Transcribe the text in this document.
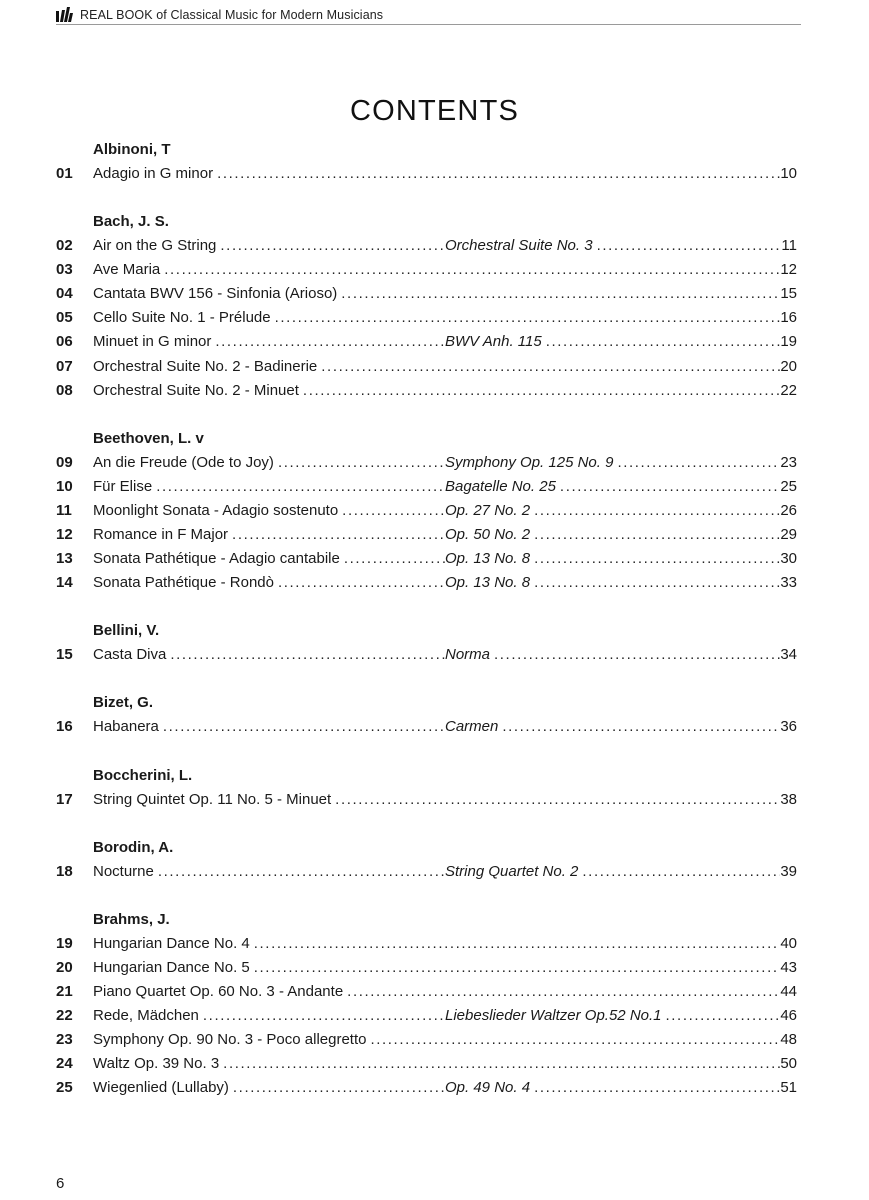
REAL BOOK of Classical Music for Modern Musicians
CONTENTS
Albinoni, T
01	Adagio in G minor .....	10
Bach, J. S.
02	Air on the G String .....	Orchestral Suite No. 3 .....	11
03	Ave Maria .....	12
04	Cantata BWV 156 - Sinfonia (Arioso) .....	15
05	Cello Suite No. 1 - Prélude .....	16
06	Minuet in G minor .....	BWV Anh. 115 .....	19
07	Orchestral Suite No. 2 - Badinerie .....	20
08	Orchestral Suite No. 2 - Minuet .....	22
Beethoven, L. v
09	An die Freude (Ode to Joy) .....	Symphony Op. 125 No. 9 .....	23
10	Für Elise .....	Bagatelle No. 25 .....	25
11	Moonlight Sonata - Adagio sostenuto .....	Op. 27 No. 2 .....	26
12	Romance in F Major .....	Op. 50 No. 2 .....	29
13	Sonata Pathétique - Adagio cantabile .....	Op. 13 No. 8 .....	30
14	Sonata Pathétique - Rondò .....	Op. 13 No. 8 .....	33
Bellini, V.
15	Casta Diva .....	Norma .....	34
Bizet, G.
16	Habanera .....	Carmen .....	36
Boccherini, L.
17	String Quintet Op. 11 No. 5 - Minuet .....	38
Borodin, A.
18	Nocturne .....	String Quartet No. 2 .....	39
Brahms, J.
19	Hungarian Dance No. 4 .....	40
20	Hungarian Dance No. 5 .....	43
21	Piano Quartet Op. 60 No. 3 - Andante .....	44
22	Rede, Mädchen .....	Liebeslieder Waltzer Op.52 No.1 .....	46
23	Symphony Op. 90 No. 3 - Poco allegretto .....	48
24	Waltz Op. 39 No. 3 .....	50
25	Wiegenlied (Lullaby) .....	Op. 49 No. 4 .....	51
6
